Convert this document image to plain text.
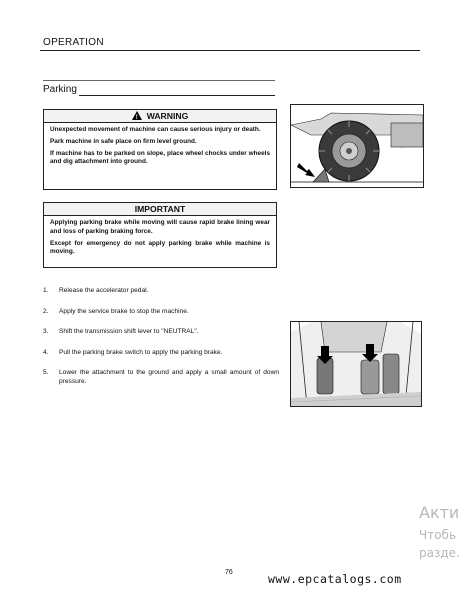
OPERATION
Parking
! WARNING

Unexpected movement of machine can cause serious injury or death.

Park machine in safe place on firm level ground.

If machine has to be parked on slope, place wheel chocks under wheels and dig attachment into ground.

IMPORTANT

Applying parking brake while moving will cause rapid brake lining wear and loss of parking braking force.

Except for emergency do not apply parking brake while machine is moving.

1.	Release the accelerator pedal.
2.	Apply the service brake to stop the machine.
3.	Shift the transmission shift lever to "NEUTRAL".
4.	Pull the parking brake switch to apply the parking brake.
5.	Lower the attachment to the ground and apply a small amount of down pressure.
76	www.epcatalogs.com
Акти
Чтобь
разде.
